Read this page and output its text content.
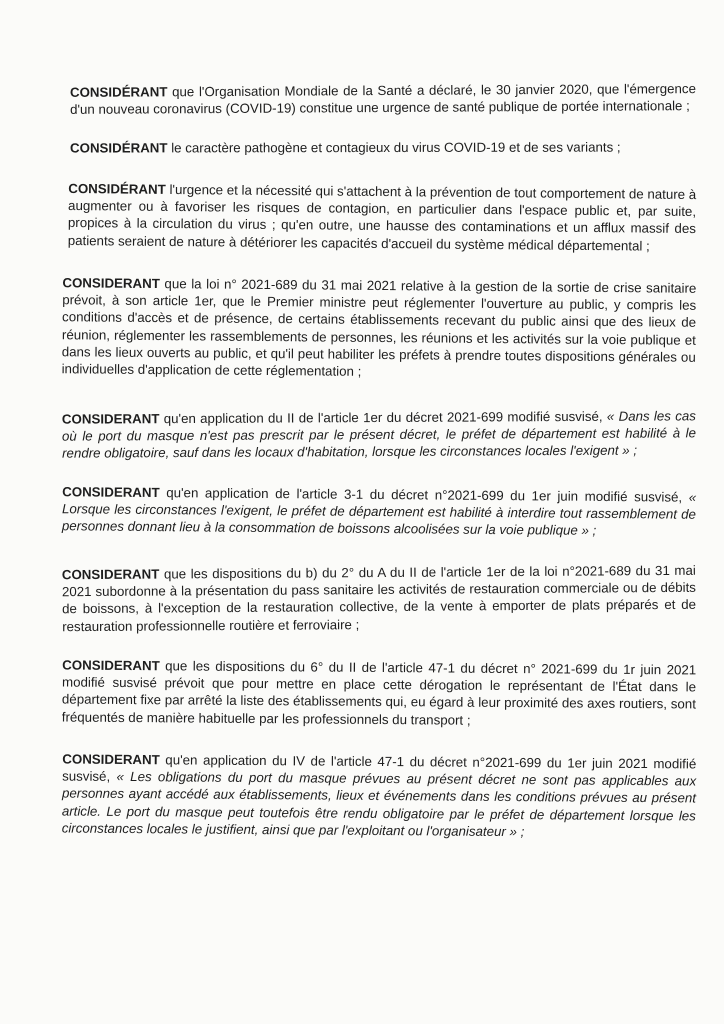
CONSIDÉRANT que l'Organisation Mondiale de la Santé a déclaré, le 30 janvier 2020, que l'émergence d'un nouveau coronavirus (COVID-19) constitue une urgence de santé publique de portée internationale ;

CONSIDÉRANT le caractère pathogène et contagieux du virus COVID-19 et de ses variants ;

CONSIDÉRANT l'urgence et la nécessité qui s'attachent à la prévention de tout comportement de nature à augmenter ou à favoriser les risques de contagion, en particulier dans l'espace public et, par suite, propices à la circulation du virus ; qu'en outre, une hausse des contaminations et un afflux massif des patients seraient de nature à détériorer les capacités d'accueil du système médical départemental ;

CONSIDERANT que la loi n° 2021-689 du 31 mai 2021 relative à la gestion de la sortie de crise sanitaire prévoit, à son article 1er, que le Premier ministre peut réglementer l'ouverture au public, y compris les conditions d'accès et de présence, de certains établissements recevant du public ainsi que des lieux de réunion, réglementer les rassemblements de personnes, les réunions et les activités sur la voie publique et dans les lieux ouverts au public, et qu'il peut habiliter les préfets à prendre toutes dispositions générales ou individuelles d'application de cette réglementation ;

CONSIDERANT qu'en application du II de l'article 1er du décret 2021-699 modifié susvisé, « Dans les cas où le port du masque n'est pas prescrit par le présent décret, le préfet de département est habilité à le rendre obligatoire, sauf dans les locaux d'habitation, lorsque les circonstances locales l'exigent » ;

CONSIDERANT qu'en application de l'article 3-1 du décret n°2021-699 du 1er juin modifié susvisé, « Lorsque les circonstances l'exigent, le préfet de département est habilité à interdire tout rassemblement de personnes donnant lieu à la consommation de boissons alcoolisées sur la voie publique » ;

CONSIDERANT que les dispositions du b) du 2° du A du II de l'article 1er de la loi n°2021-689 du 31 mai 2021 subordonne à la présentation du pass sanitaire les activités de restauration commerciale ou de débits de boissons, à l'exception de la restauration collective, de la vente à emporter de plats préparés et de restauration professionnelle routière et ferroviaire ;

CONSIDERANT que les dispositions du 6° du II de l'article 47-1 du décret n° 2021-699 du 1r juin 2021 modifié susvisé prévoit que pour mettre en place cette dérogation le représentant de l'État dans le département fixe par arrêté la liste des établissements qui, eu égard à leur proximité des axes routiers, sont fréquentés de manière habituelle par les professionnels du transport ;

CONSIDERANT qu'en application du IV de l'article 47-1 du décret n°2021-699 du 1er juin 2021 modifié susvisé, « Les obligations du port du masque prévues au présent décret ne sont pas applicables aux personnes ayant accédé aux établissements, lieux et événements dans les conditions prévues au présent article. Le port du masque peut toutefois être rendu obligatoire par le préfet de département lorsque les circonstances locales le justifient, ainsi que par l'exploitant ou l'organisateur » ;
